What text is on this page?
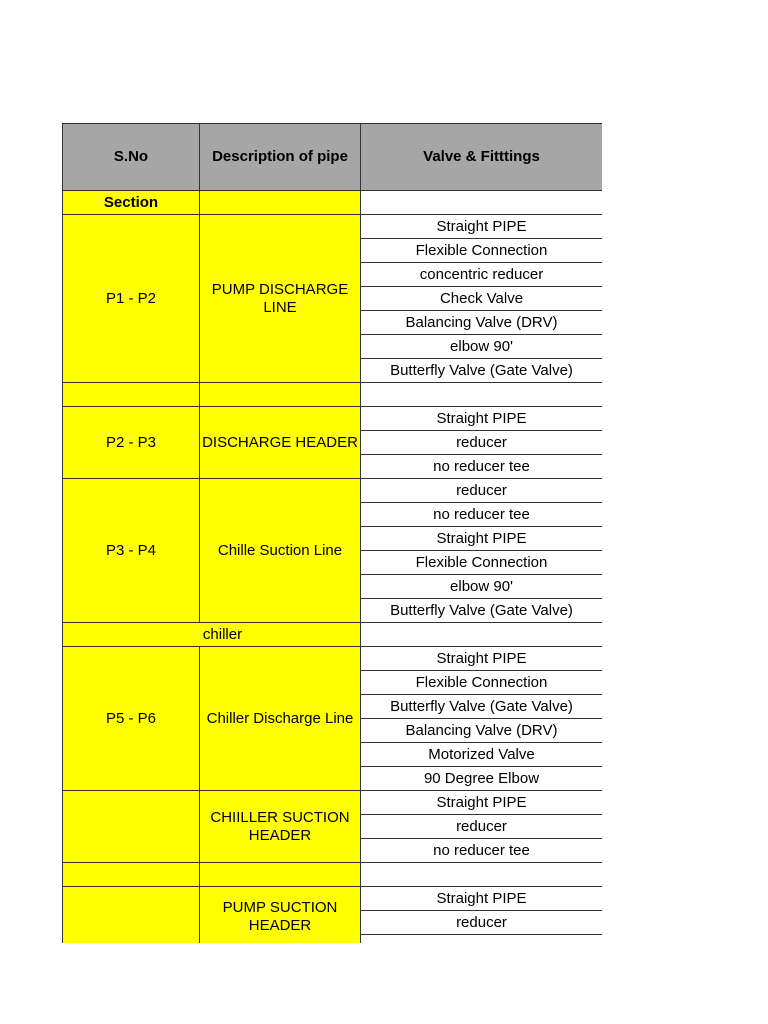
S.No	Description of pipe	Valve & Fitttings
Section		
P1 - P2	PUMP DISCHARGE LINE	Straight PIPE
		Flexible Connection
		concentric reducer
		Check Valve
		Balancing Valve (DRV)
		elbow 90'
		Butterfly Valve (Gate Valve)

P2 - P3	DISCHARGE HEADER	Straight PIPE
		reducer
		no reducer tee
P3 - P4	Chille Suction Line	reducer
		no reducer tee
		Straight PIPE
		Flexible Connection
		elbow 90'
		Butterfly Valve (Gate Valve)
chiller		
P5 - P6	Chiller Discharge Line	Straight PIPE
		Flexible Connection
		Butterfly Valve (Gate Valve)
		Balancing Valve (DRV)
		Motorized Valve
		90 Degree Elbow
	CHIILLER SUCTION HEADER	Straight PIPE
		reducer
		no reducer tee

	PUMP SUCTION HEADER	Straight PIPE
		reducer
